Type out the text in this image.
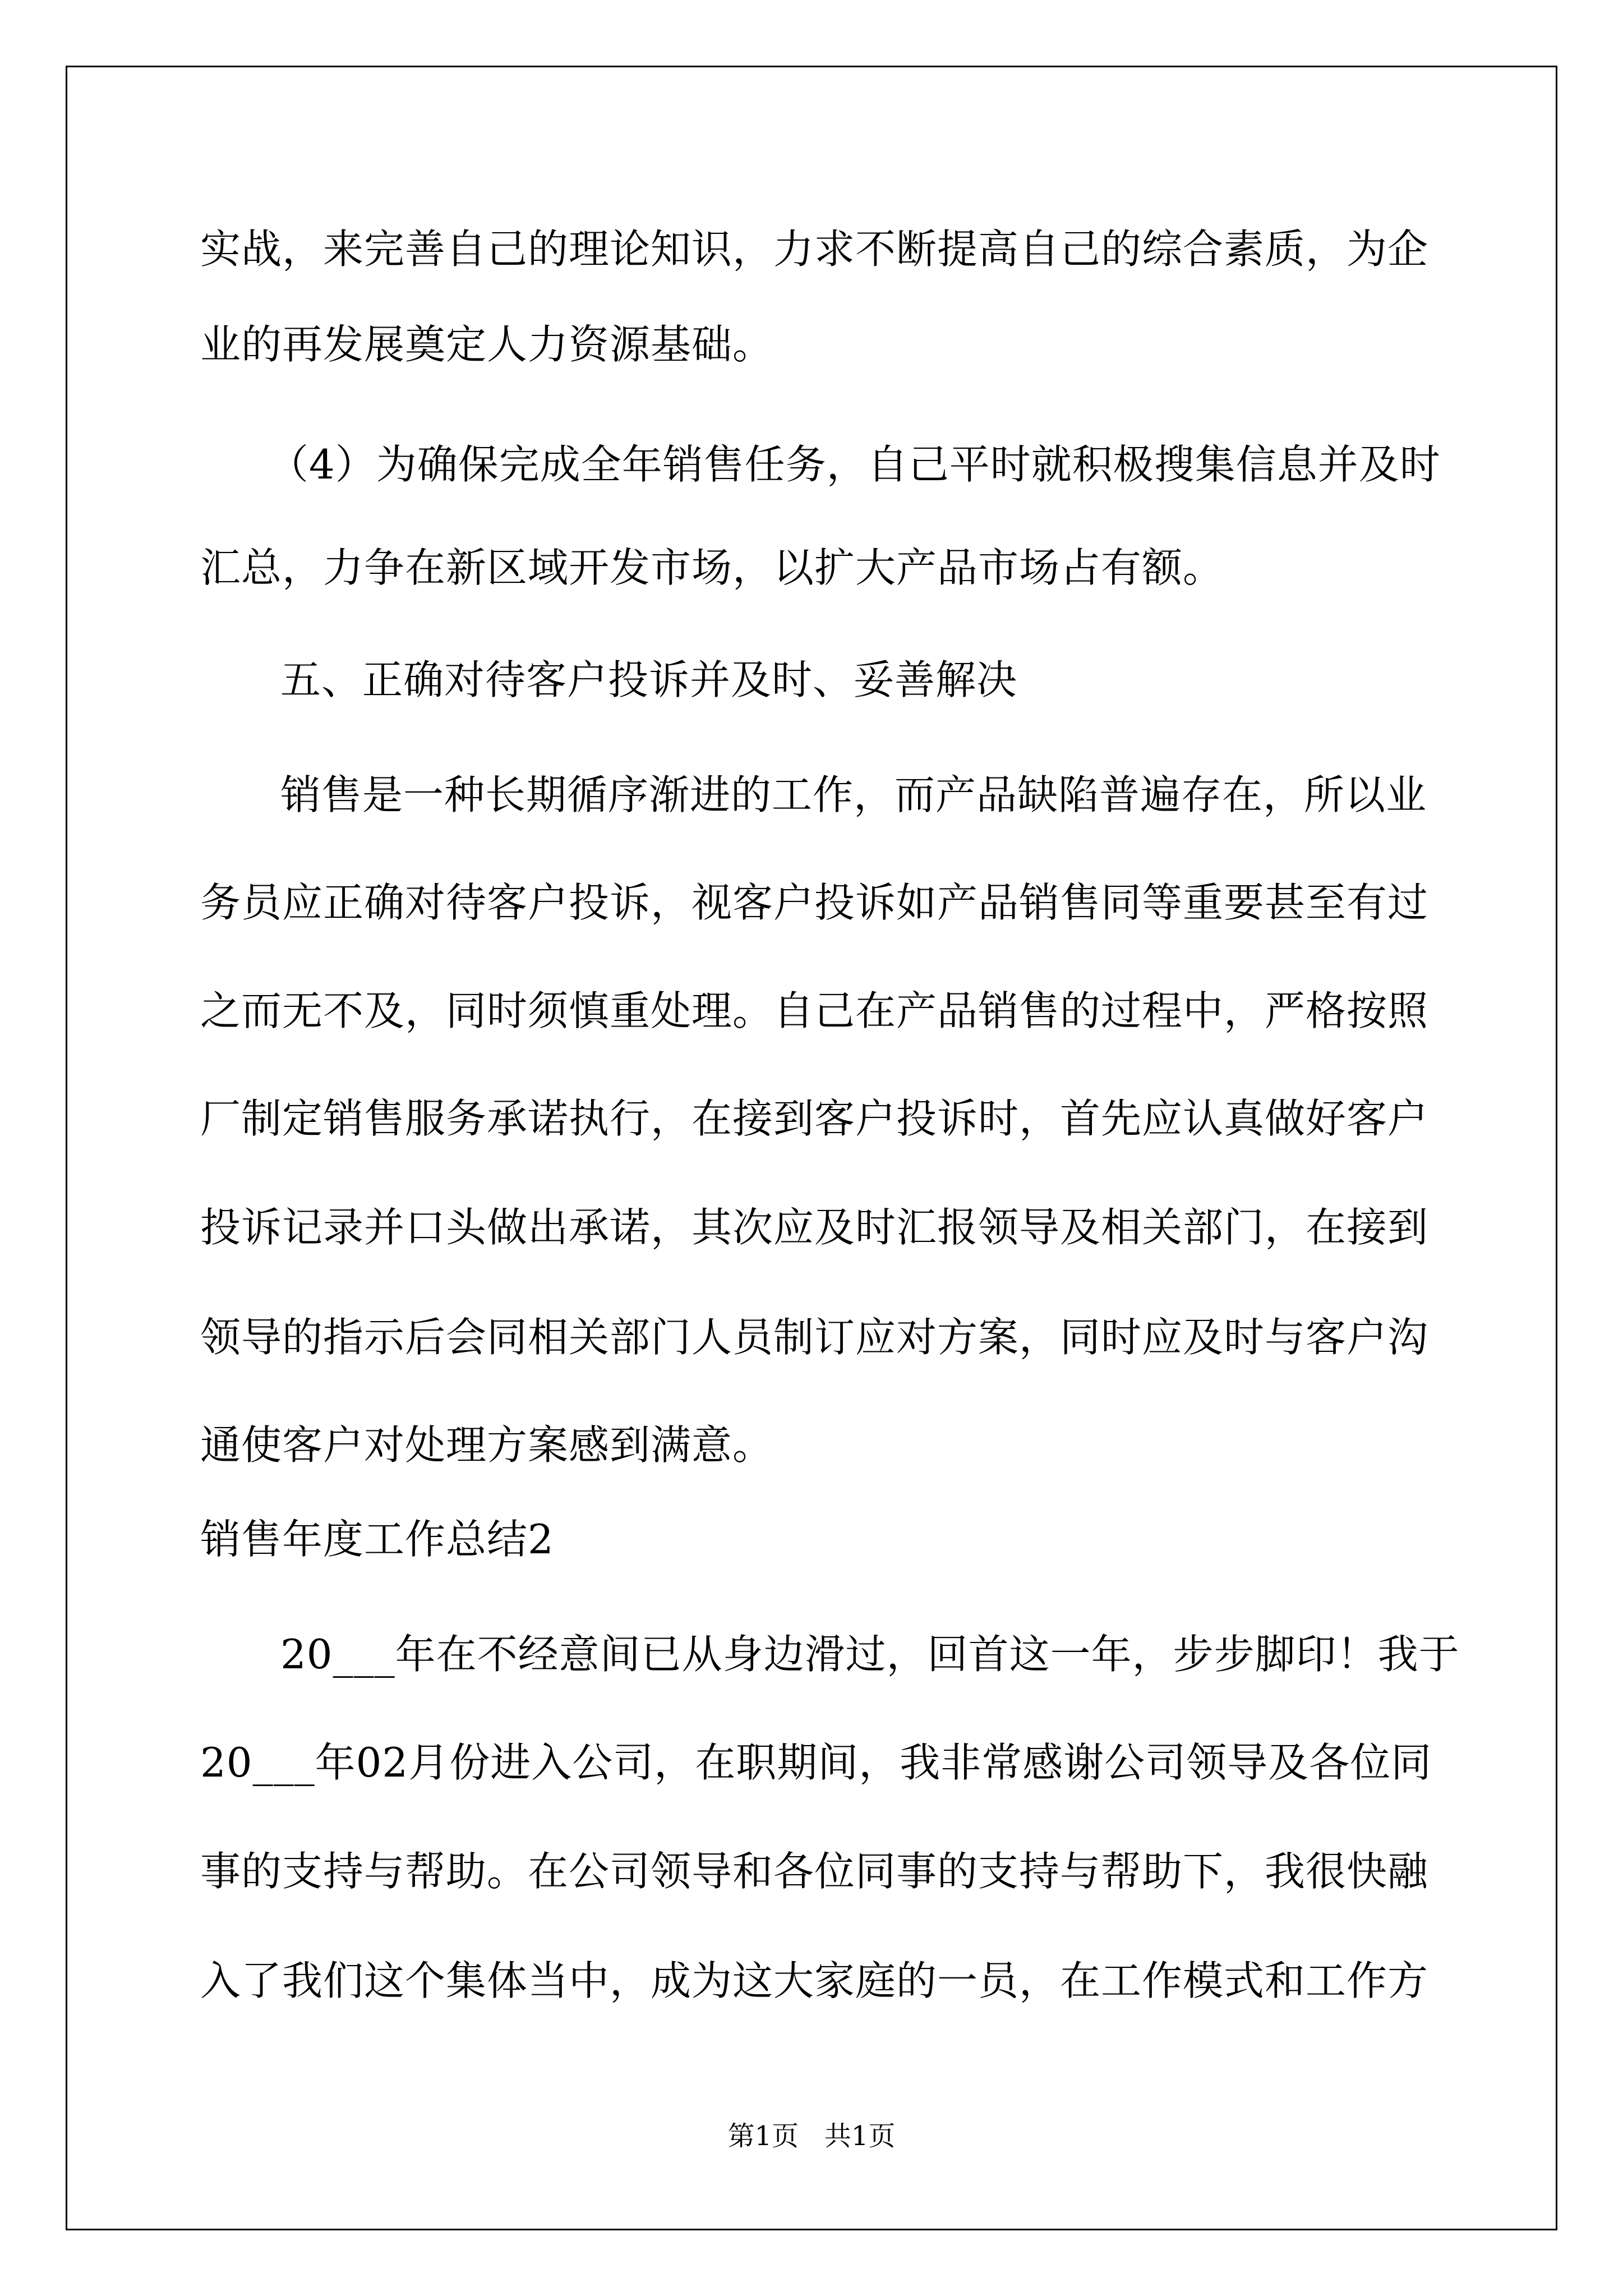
实战，来完善自己的理论知识，力求不断提高自己的综合素质，为企
业的再发展奠定人力资源基础。
（4）为确保完成全年销售任务，自己平时就积极搜集信息并及时
汇总，力争在新区域开发市场，以扩大产品市场占有额。
五、正确对待客户投诉并及时、妥善解决
销售是一种长期循序渐进的工作，而产品缺陷普遍存在，所以业
务员应正确对待客户投诉，视客户投诉如产品销售同等重要甚至有过
之而无不及，同时须慎重处理。自己在产品销售的过程中，严格按照
厂制定销售服务承诺执行，在接到客户投诉时，首先应认真做好客户
投诉记录并口头做出承诺，其次应及时汇报领导及相关部门，在接到
领导的指示后会同相关部门人员制订应对方案，同时应及时与客户沟
通使客户对处理方案感到满意。
销售年度工作总结2
20___年在不经意间已从身边滑过，回首这一年，步步脚印！我于
20___年02月份进入公司，在职期间，我非常感谢公司领导及各位同
事的支持与帮助。在公司领导和各位同事的支持与帮助下，我很快融
入了我们这个集体当中，成为这大家庭的一员，在工作模式和工作方
第1页   共1页
